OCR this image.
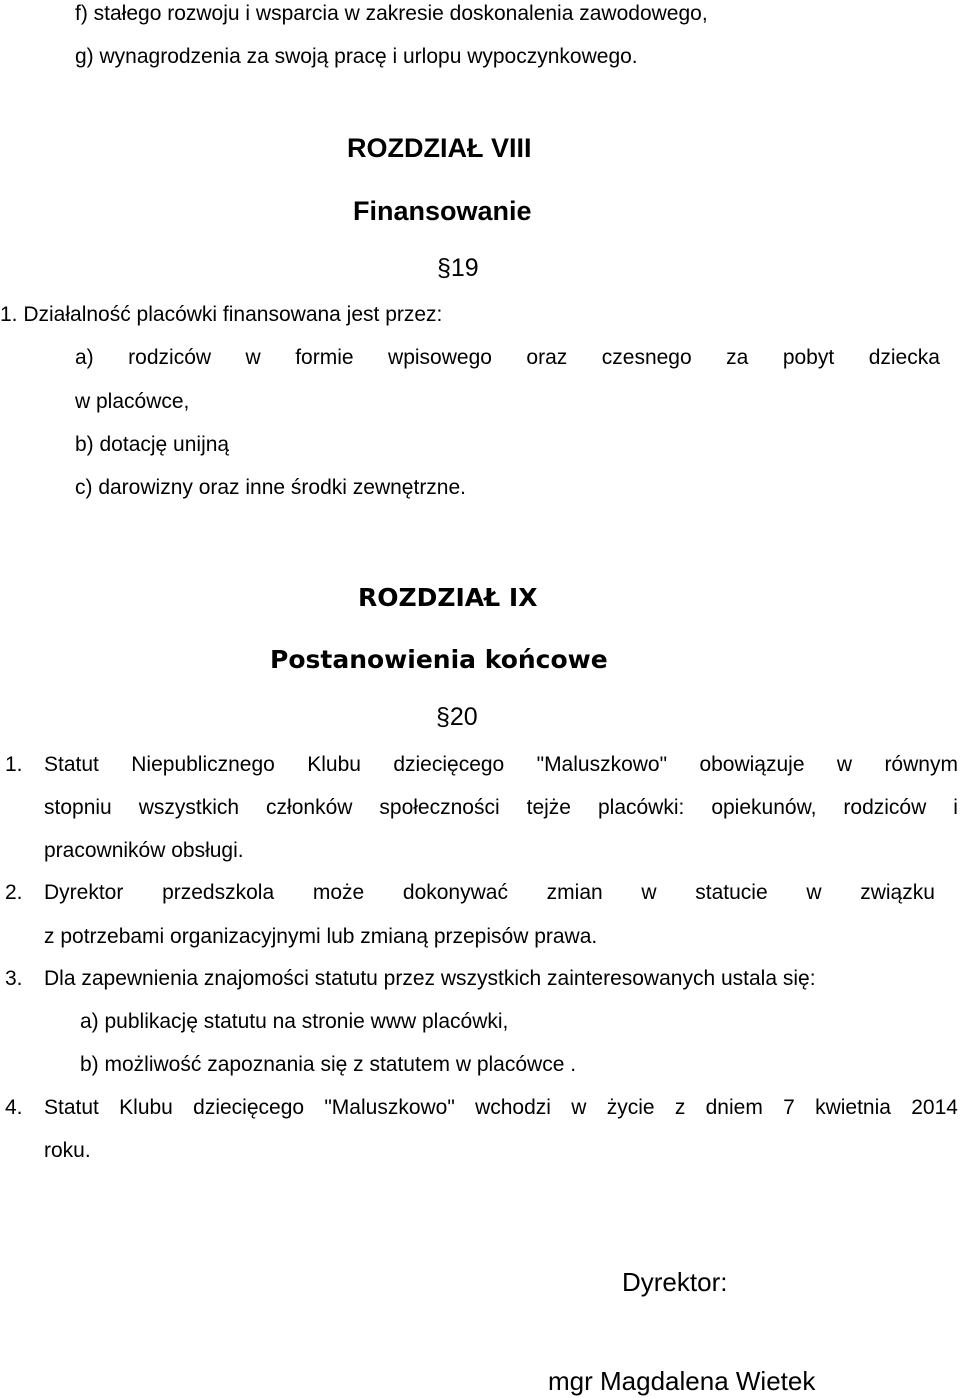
f) stałego rozwoju i wsparcia w zakresie doskonalenia zawodowego,
g) wynagrodzenia za swoją pracę i urlopu wypoczynkowego.
ROZDZIAŁ VIII
Finansowanie
§19
1. Działalność placówki finansowana jest przez:
a) rodziców w formie wpisowego oraz czesnego za pobyt dziecka
w placówce,
b) dotację unijną
c) darowizny oraz inne środki zewnętrzne.
ROZDZIAŁ IX
Postanowienia końcowe
§20
1. Statut Niepublicznego Klubu dziecięcego "Maluszkowo" obowiązuje w równym
stopniu wszystkich członków społeczności tejże placówki: opiekunów, rodziców i
pracowników obsługi.
2. Dyrektor przedszkola może dokonywać zmian w statucie w związku
z potrzebami organizacyjnymi lub zmianą przepisów prawa.
3. Dla zapewnienia znajomości statutu przez wszystkich zainteresowanych ustala się:
a) publikację statutu na stronie www placówki,
b) możliwość zapoznania się z statutem w placówce .
4. Statut Klubu dziecięcego "Maluszkowo" wchodzi w życie z dniem 7 kwietnia 2014
roku.
Dyrektor:
mgr Magdalena Wietek
